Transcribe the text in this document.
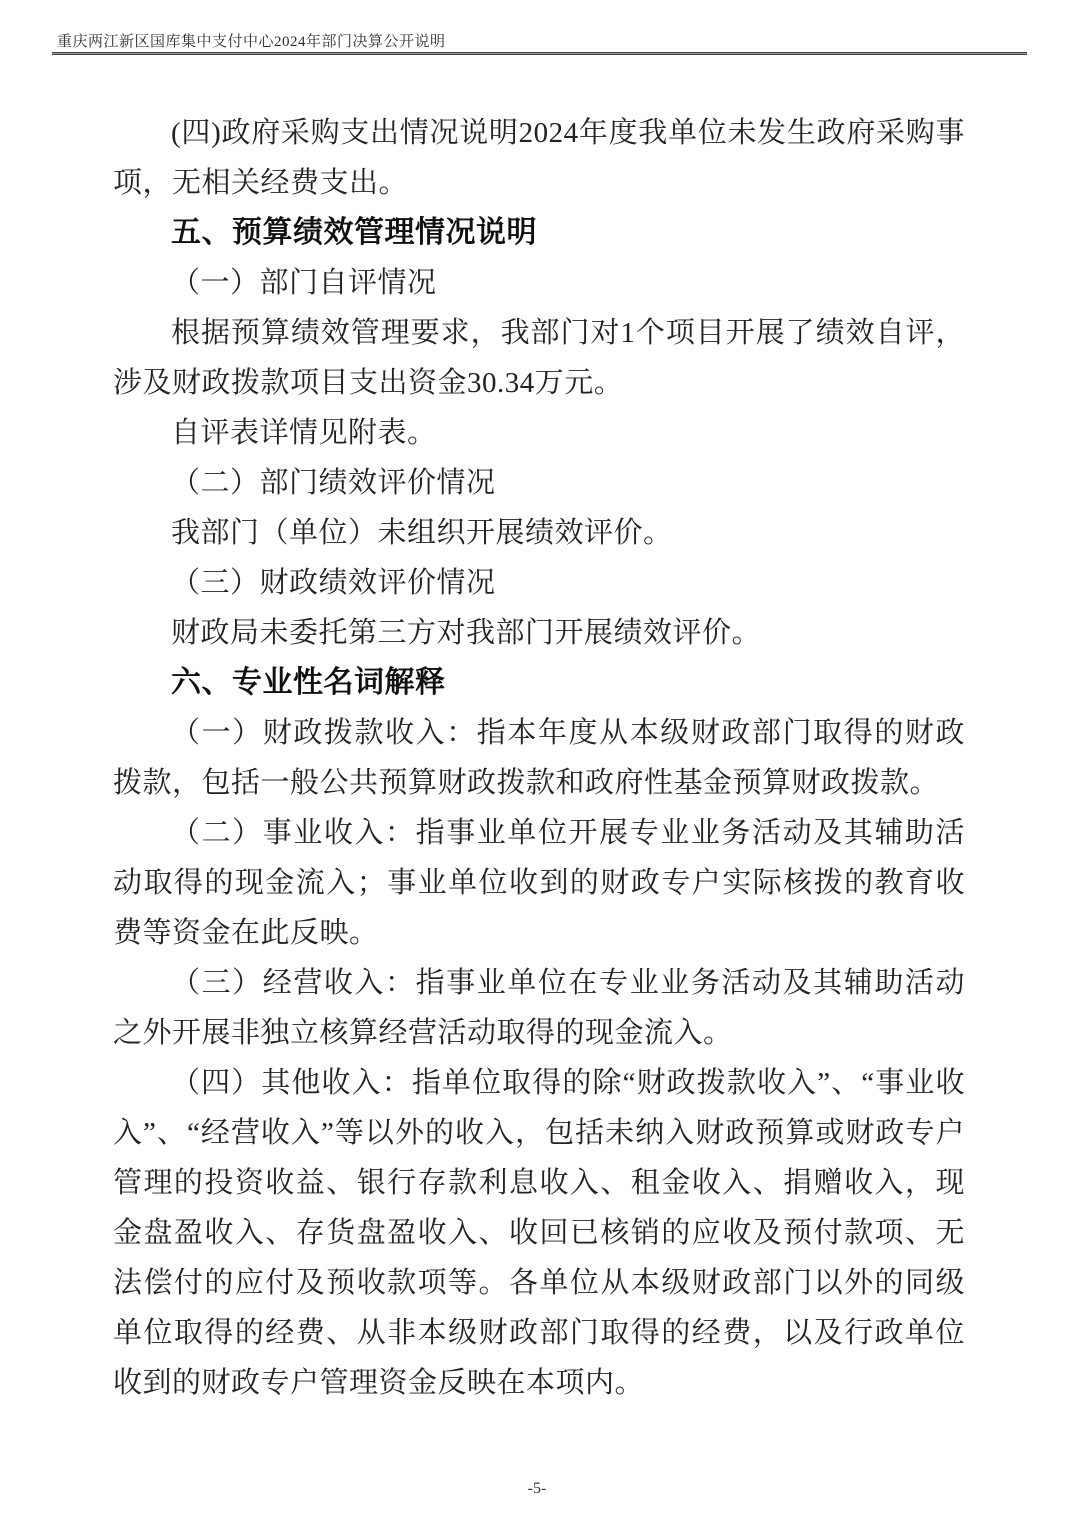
重庆两江新区国库集中支付中心2024年部门决算公开说明

(四)政府采购支出情况说明2024年度我单位未发生政府采购事项，无相关经费支出。

五、预算绩效管理情况说明

（一）部门自评情况

根据预算绩效管理要求，我部门对1个项目开展了绩效自评，涉及财政拨款项目支出资金30.34万元。

自评表详情见附表。

（二）部门绩效评价情况

我部门（单位）未组织开展绩效评价。

（三）财政绩效评价情况

财政局未委托第三方对我部门开展绩效评价。

六、专业性名词解释

（一）财政拨款收入：指本年度从本级财政部门取得的财政拨款，包括一般公共预算财政拨款和政府性基金预算财政拨款。

（二）事业收入：指事业单位开展专业业务活动及其辅助活动取得的现金流入；事业单位收到的财政专户实际核拨的教育收费等资金在此反映。

（三）经营收入：指事业单位在专业业务活动及其辅助活动之外开展非独立核算经营活动取得的现金流入。

（四）其他收入：指单位取得的除“财政拨款收入”、“事业收入”、“经营收入”等以外的收入，包括未纳入财政预算或财政专户管理的投资收益、银行存款利息收入、租金收入、捐赠收入，现金盘盈收入、存货盘盈收入、收回已核销的应收及预付款项、无法偿付的应付及预收款项等。各单位从本级财政部门以外的同级单位取得的经费、从非本级财政部门取得的经费，以及行政单位收到的财政专户管理资金反映在本项内。

-5-
